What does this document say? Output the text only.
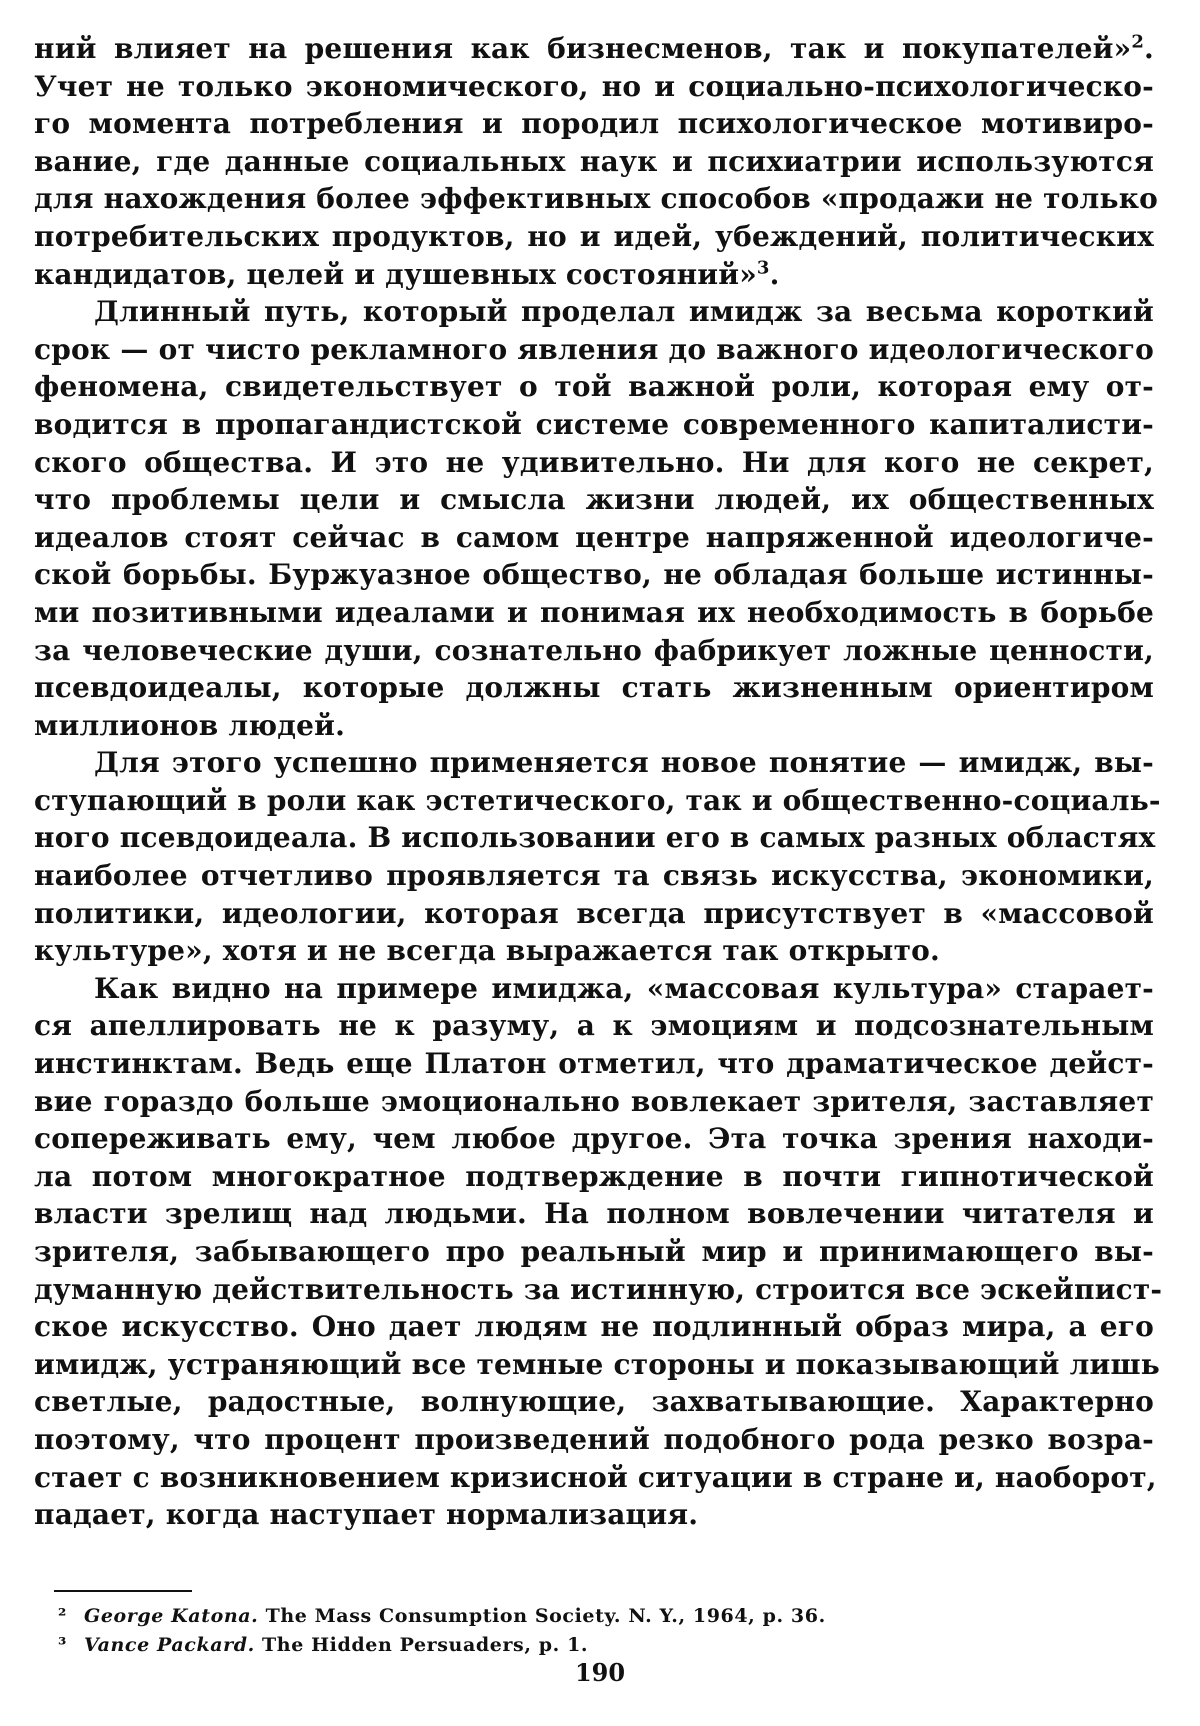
ний влияет на решения как бизнесменов, так и покупателей»$^2$.
Учет не только экономического, но и социально-психологическо-
го момента потребления и породил психологическое мотивиро-
вание, где данные социальных наук и психиатрии используются
для нахождения более эффективных способов «продажи не только
потребительских продуктов, но и идей, убеждений, политических
кандидатов, целей и душевных состояний»$^3$.
Длинный путь, который проделал имидж за весьма короткий
срок — от чисто рекламного явления до важного идеологического
феномена, свидетельствует о той важной роли, которая ему от-
водится в пропагандистской системе современного капиталисти-
ского общества. И это не удивительно. Ни для кого не секрет,
что проблемы цели и смысла жизни людей, их общественных
идеалов стоят сейчас в самом центре напряженной идеологиче-
ской борьбы. Буржуазное общество, не обладая больше истинны-
ми позитивными идеалами и понимая их необходимость в борьбе
за человеческие души, сознательно фабрикует ложные ценности,
псевдоидеалы, которые должны стать жизненным ориентиром
миллионов людей.
Для этого успешно применяется новое понятие — имидж, вы-
ступающий в роли как эстетического, так и общественно-социаль-
ного псевдоидеала. В использовании его в самых разных областях
наиболее отчетливо проявляется та связь искусства, экономики,
политики, идеологии, которая всегда присутствует в «массовой
культуре», хотя и не всегда выражается так открыто.
Как видно на примере имиджа, «массовая культура» старает-
ся апеллировать не к разуму, а к эмоциям и подсознательным
инстинктам. Ведь еще Платон отметил, что драматическое дейст-
вие гораздо больше эмоционально вовлекает зрителя, заставляет
сопереживать ему, чем любое другое. Эта точка зрения находи-
ла потом многократное подтверждение в почти гипнотической
власти зрелищ над людьми. На полном вовлечении читателя и
зрителя, забывающего про реальный мир и принимающего вы-
думанную действительность за истинную, строится все эскейпист-
ское искусство. Оно дает людям не подлинный образ мира, а его
имидж, устраняющий все темные стороны и показывающий лишь
светлые, радостные, волнующие, захватывающие. Характерно
поэтому, что процент произведений подобного рода резко возра-
стает с возникновением кризисной ситуации в стране и, наоборот,
падает, когда наступает нормализация.
² George Katona. The Mass Consumption Society. N. Y., 1964, p. 36.
³ Vance Packard. The Hidden Persuaders, p. 1.
190
